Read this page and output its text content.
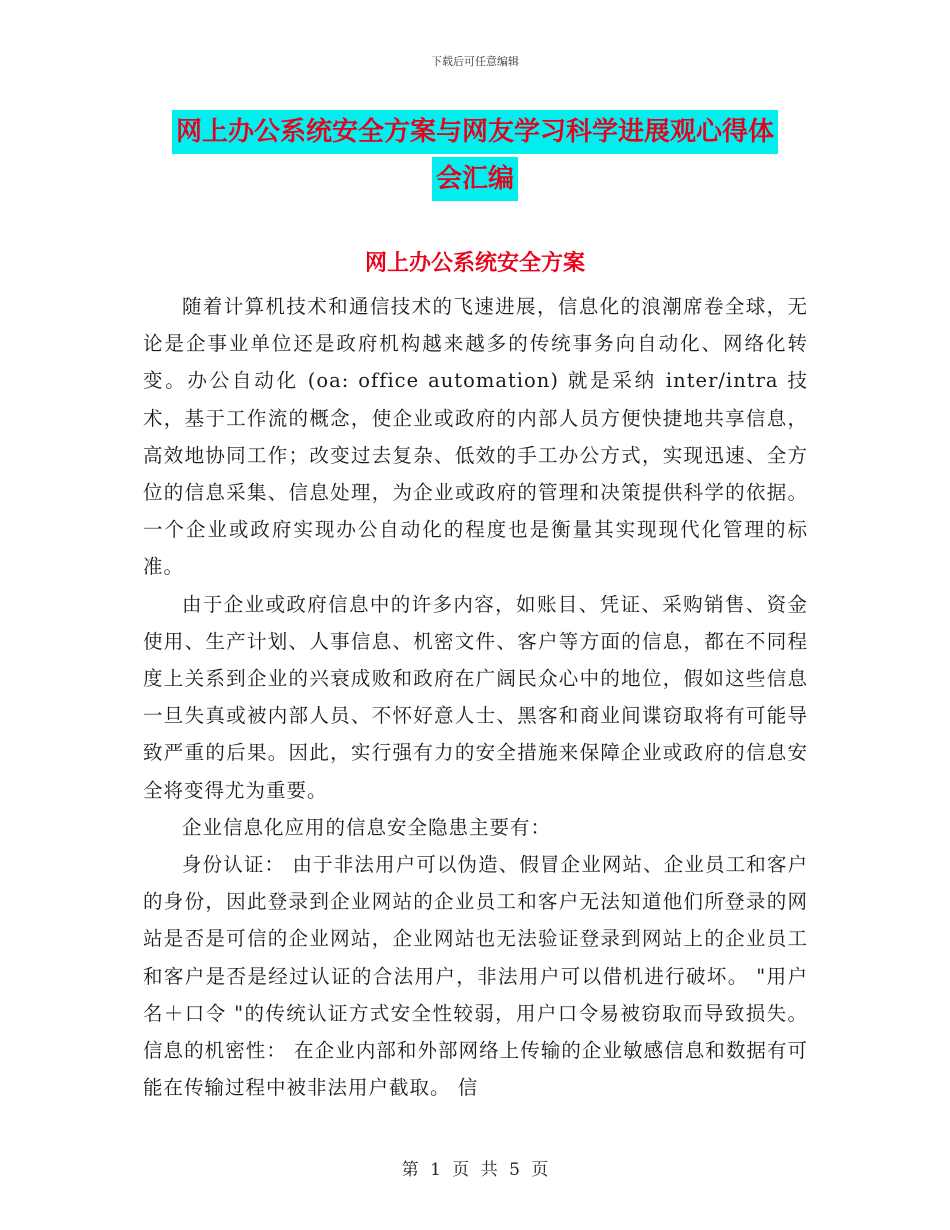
下载后可任意编辑
网上办公系统安全方案与网友学习科学进展观心得体
会汇编
网上办公系统安全方案

随着计算机技术和通信技术的飞速进展，信息化的浪潮席卷全球，无论是企事业单位还是政府机构越来越多的传统事务向自动化、网络化转变。办公自动化 (oa: office automation) 就是采纳 inter/intra 技术，基于工作流的概念，使企业或政府的内部人员方便快捷地共享信息，高效地协同工作；改变过去复杂、低效的手工办公方式，实现迅速、全方位的信息采集、信息处理，为企业或政府的管理和决策提供科学的依据。一个企业或政府实现办公自动化的程度也是衡量其实现现代化管理的标准。

由于企业或政府信息中的许多内容，如账目、凭证、采购销售、资金使用、生产计划、人事信息、机密文件、客户等方面的信息，都在不同程度上关系到企业的兴衰成败和政府在广阔民众心中的地位，假如这些信息一旦失真或被内部人员、不怀好意人士、黑客和商业间谍窃取将有可能导致严重的后果。因此，实行强有力的安全措施来保障企业或政府的信息安全将变得尤为重要。

企业信息化应用的信息安全隐患主要有：

身份认证： 由于非法用户可以伪造、假冒企业网站、企业员工和客户的身份，因此登录到企业网站的企业员工和客户无法知道他们所登录的网站是否是可信的企业网站，企业网站也无法验证登录到网站上的企业员工和客户是否是经过认证的合法用户，非法用户可以借机进行破坏。 "用户名＋口令 "的传统认证方式安全性较弱，用户口令易被窃取而导致损失。 信息的机密性： 在企业内部和外部网络上传输的企业敏感信息和数据有可能在传输过程中被非法用户截取。 信

第 1 页 共 5 页
